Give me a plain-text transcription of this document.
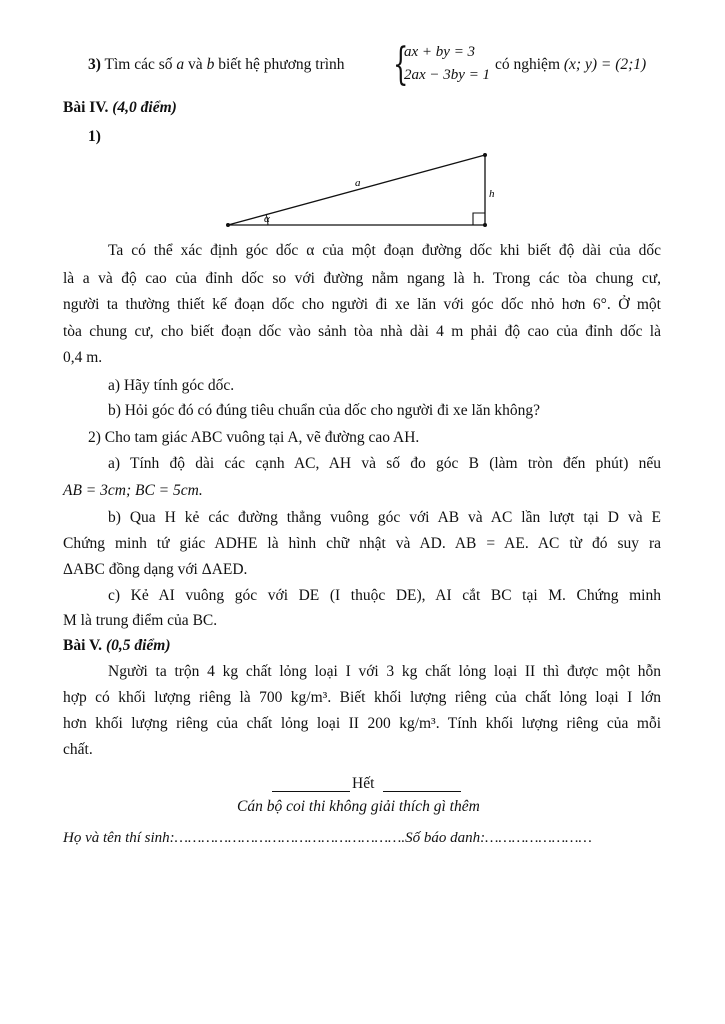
3) Tìm các số a và b biết hệ phương trình {
ax + by = 3
2ax − 3by = 1
có nghiệm (x; y) = (2;1)
Bài IV. (4,0 điểm)
1)
a
h
α
Ta có thể xác định góc dốc α của một đoạn đường dốc khi biết độ dài của dốc
là a và độ cao của đỉnh dốc so với đường nằm ngang là h. Trong các tòa chung cư,
người ta thường thiết kế đoạn dốc cho người đi xe lăn với góc dốc nhỏ hơn 6°. Ở một
tòa chung cư, cho biết đoạn dốc vào sảnh tòa nhà dài 4 m phải độ cao của đỉnh dốc là
0,4 m.
a) Hãy tính góc dốc.
b) Hỏi góc đó có đúng tiêu chuẩn của dốc cho người đi xe lăn không?
2) Cho tam giác ABC vuông tại A, vẽ đường cao AH.
a) Tính độ dài các cạnh AC, AH và số đo góc B (làm tròn đến phút) nếu
AB = 3cm; BC = 5cm.
b) Qua H kẻ các đường thẳng vuông góc với AB và AC lần lượt tại D và E
Chứng minh tứ giác ADHE là hình chữ nhật và AD. AB = AE. AC từ đó suy ra
ΔABC đồng dạng với ΔAED.
c) Kẻ AI vuông góc với DE (I thuộc DE), AI cắt BC tại M. Chứng minh
M là trung điểm của BC.
Bài V. (0,5 điểm)
Người ta trộn 4 kg chất lỏng loại I với 3 kg chất lỏng loại II thì được một hỗn
hợp có khối lượng riêng là 700 kg/m³. Biết khối lượng riêng của chất lỏng loại I lớn
hơn khối lượng riêng của chất lỏng loại II 200 kg/m³. Tính khối lượng riêng của mỗi
chất.
Hết
Cán bộ coi thi không giải thích gì thêm
Họ và tên thí sinh:…………………………………………….Số báo danh:……………………
